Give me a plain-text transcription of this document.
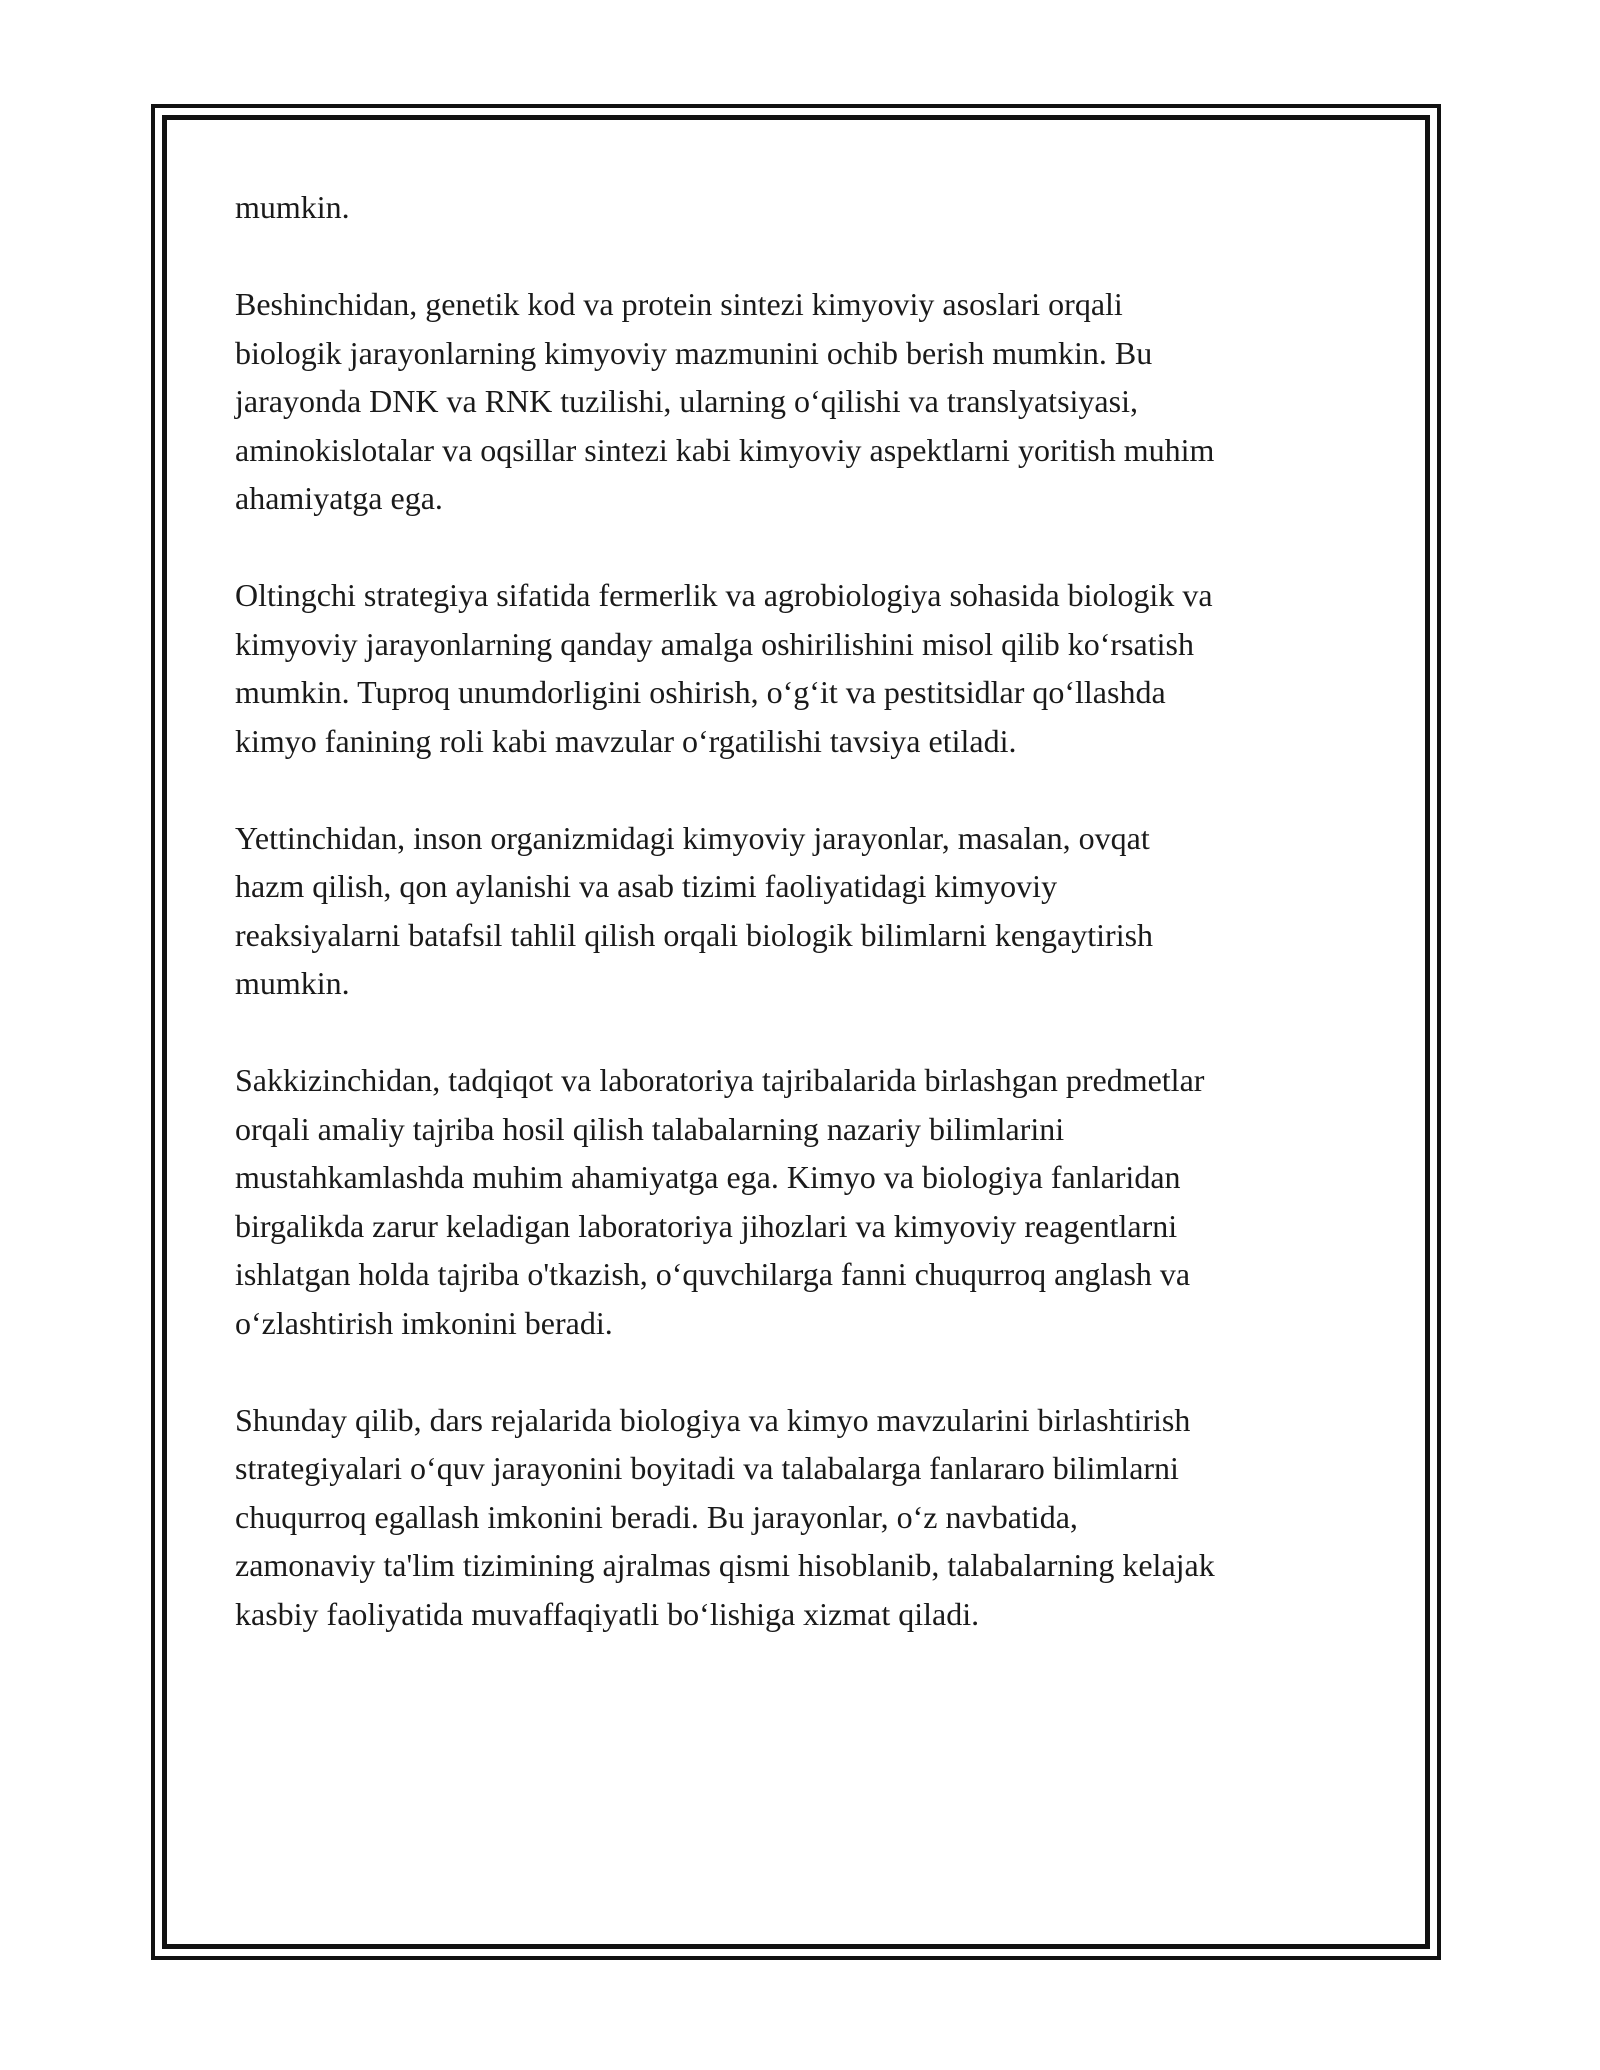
mumkin.

Beshinchidan, genetik kod va protein sintezi kimyoviy asoslari orqali
biologik jarayonlarning kimyoviy mazmunini ochib berish mumkin. Bu
jarayonda DNK va RNK tuzilishi, ularning o‘qilishi va translyatsiyasi,
aminokislotalar va oqsillar sintezi kabi kimyoviy aspektlarni yoritish muhim
ahamiyatga ega.

Oltingchi strategiya sifatida fermerlik va agrobiologiya sohasida biologik va
kimyoviy jarayonlarning qanday amalga oshirilishini misol qilib ko‘rsatish
mumkin. Tuproq unumdorligini oshirish, o‘g‘it va pestitsidlar qo‘llashda
kimyo fanining roli kabi mavzular o‘rgatilishi tavsiya etiladi.

Yettinchidan, inson organizmidagi kimyoviy jarayonlar, masalan, ovqat
hazm qilish, qon aylanishi va asab tizimi faoliyatidagi kimyoviy
reaksiyalarni batafsil tahlil qilish orqali biologik bilimlarni kengaytirish
mumkin.

Sakkizinchidan, tadqiqot va laboratoriya tajribalarida birlashgan predmetlar
orqali amaliy tajriba hosil qilish talabalarning nazariy bilimlarini
mustahkamlashda muhim ahamiyatga ega. Kimyo va biologiya fanlaridan
birgalikda zarur keladigan laboratoriya jihozlari va kimyoviy reagentlarni
ishlatgan holda tajriba o'tkazish, o‘quvchilarga fanni chuqurroq anglash va
o‘zlashtirish imkonini beradi.

Shunday qilib, dars rejalarida biologiya va kimyo mavzularini birlashtirish
strategiyalari o‘quv jarayonini boyitadi va talabalarga fanlararo bilimlarni
chuqurroq egallash imkonini beradi. Bu jarayonlar, o‘z navbatida,
zamonaviy ta'lim tizimining ajralmas qismi hisoblanib, talabalarning kelajak
kasbiy faoliyatida muvaffaqiyatli bo‘lishiga xizmat qiladi.
